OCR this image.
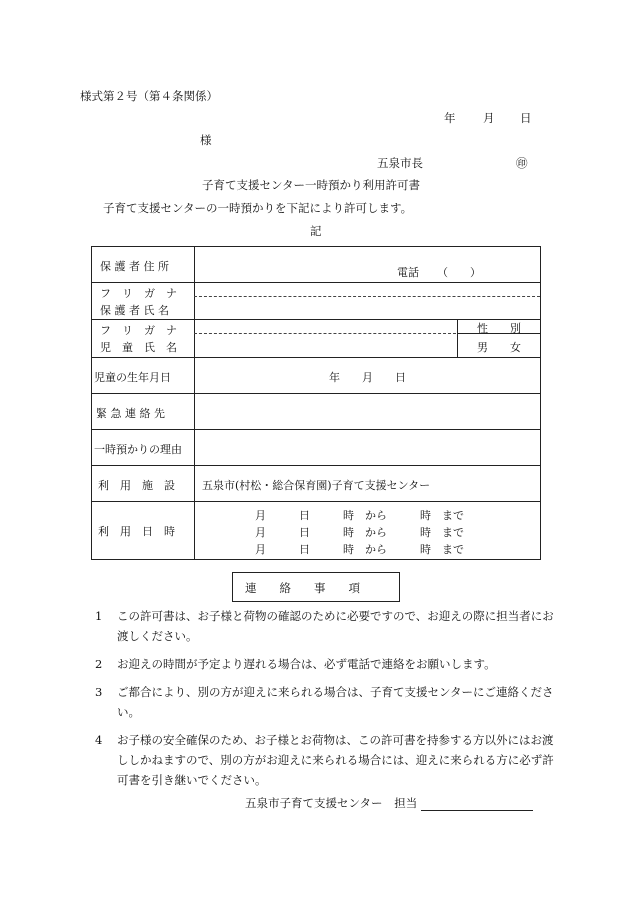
様式第２号（第４条関係）
年 月 日
様
五泉市長	㊞
子育て支援センター一時預かり利用許可書
子育て支援センターの一時預かりを下記により許可します。
記
保 護 者 住 所	電話 （　　）
フ　リ　ガ　ナ
保 護 者 氏 名
フ　リ　ガ　ナ
児　童　氏　名
性　　別
男　　女
児童の生年月日	年　　月　　日
緊 急 連 絡 先
一時預かりの理由
利　用　施　設	五泉市(村松・総合保育園)子育て支援センター
利　用　日　時
月　　　日　　　時　から　　　時　まで
月　　　日　　　時　から　　　時　まで
月　　　日　　　時　から　　　時　まで
連　　絡　　事　　項
1 この許可書は、お子様と荷物の確認のために必要ですので、お迎えの際に担当者にお渡しください。
2 お迎えの時間が予定より遅れる場合は、必ず電話で連絡をお願いします。
3 ご都合により、別の方が迎えに来られる場合は、子育て支援センターにご連絡ください。
4 お子様の安全確保のため、お子様とお荷物は、この許可書を持参する方以外にはお渡ししかねますので、別の方がお迎えに来られる場合には、迎えに来られる方に必ず許可書を引き継いでください。
五泉市子育て支援センター 担当
